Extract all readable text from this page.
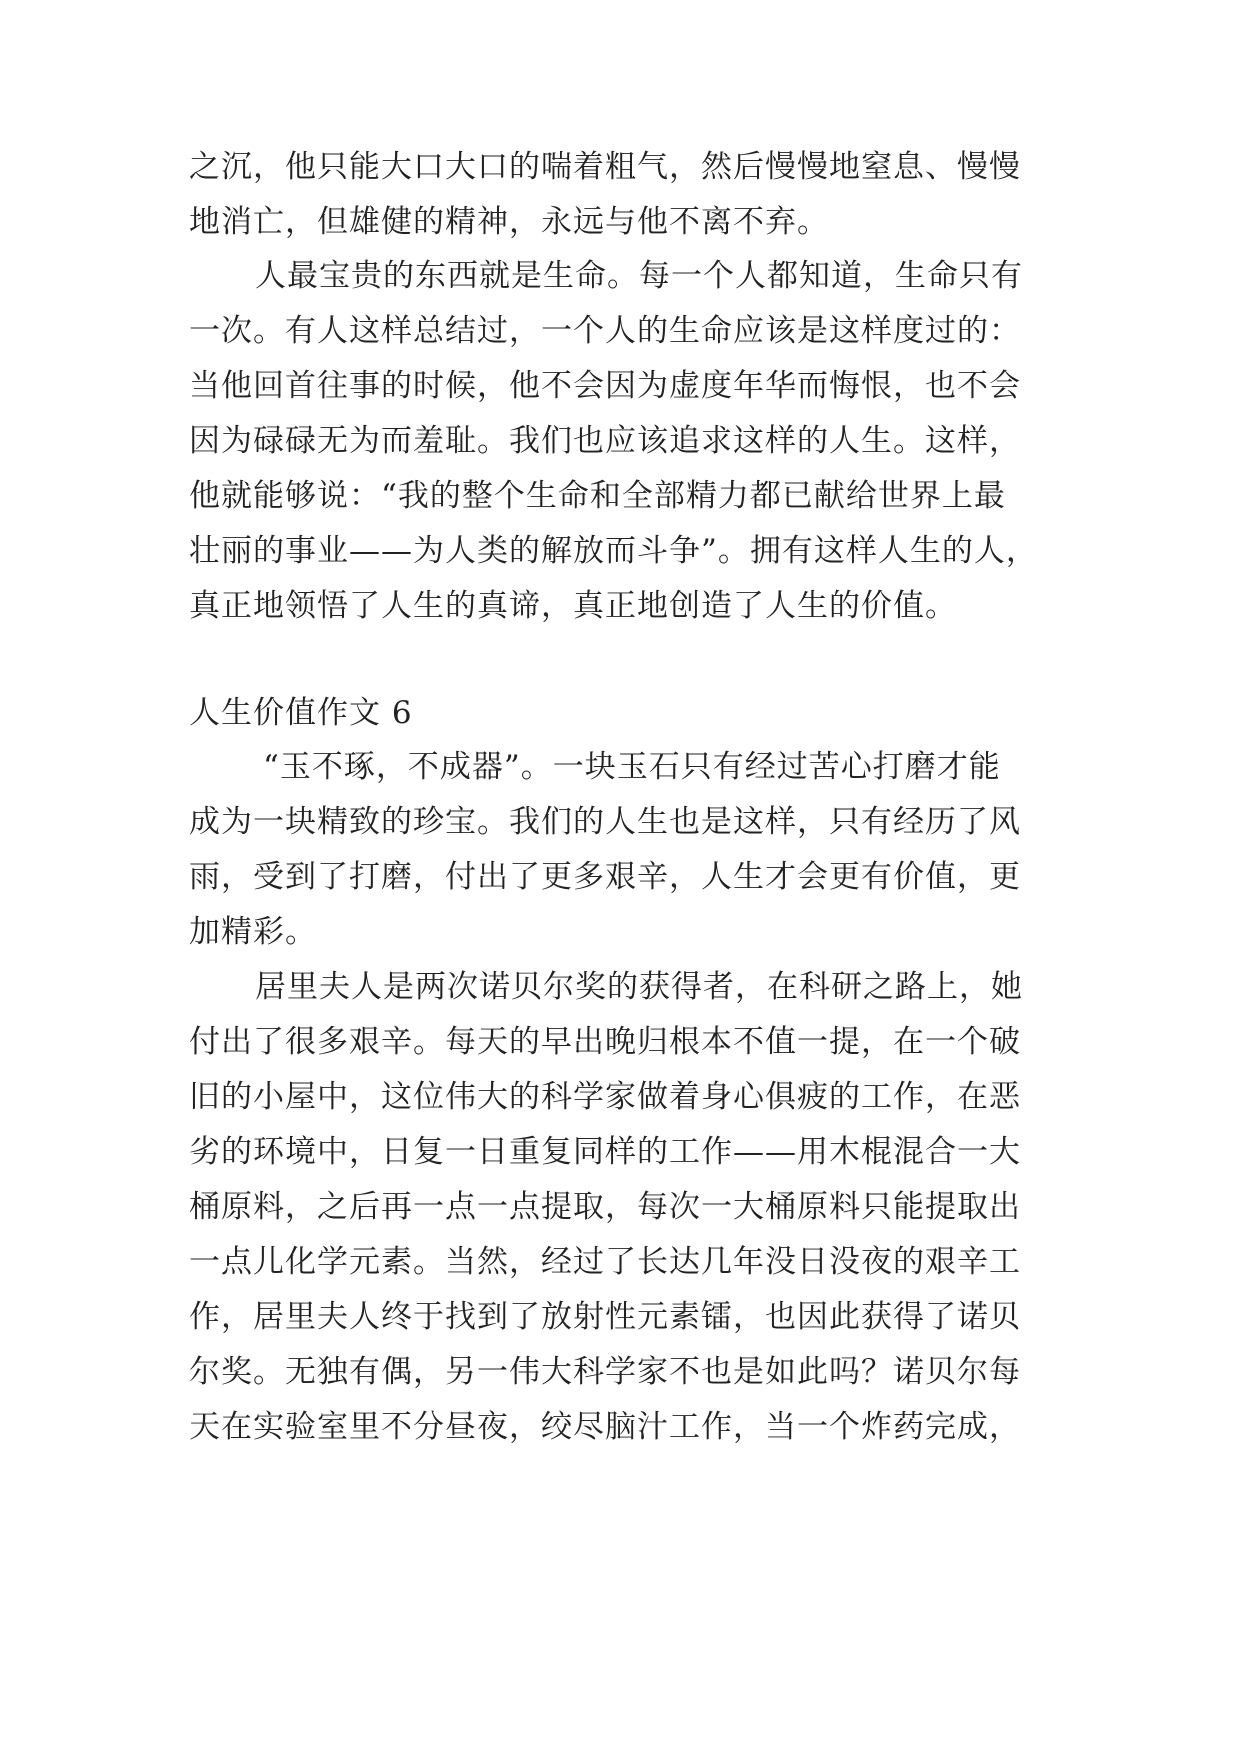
之沉，他只能大口大口的喘着粗气，然后慢慢地窒息、慢慢
地消亡，但雄健的精神，永远与他不离不弃。
人最宝贵的东西就是生命。每一个人都知道，生命只有
一次。有人这样总结过，一个人的生命应该是这样度过的：
当他回首往事的时候，他不会因为虚度年华而悔恨，也不会
因为碌碌无为而羞耻。我们也应该追求这样的人生。这样，
他就能够说：“我的整个生命和全部精力都已献给世界上最
壮丽的事业——为人类的解放而斗争”。拥有这样人生的人，
真正地领悟了人生的真谛，真正地创造了人生的价值。
人生价值作文 6
“玉不琢，不成器”。一块玉石只有经过苦心打磨才能
成为一块精致的珍宝。我们的人生也是这样，只有经历了风
雨，受到了打磨，付出了更多艰辛，人生才会更有价值，更
加精彩。
居里夫人是两次诺贝尔奖的获得者，在科研之路上，她
付出了很多艰辛。每天的早出晚归根本不值一提，在一个破
旧的小屋中，这位伟大的科学家做着身心俱疲的工作，在恶
劣的环境中，日复一日重复同样的工作——用木棍混合一大
桶原料，之后再一点一点提取，每次一大桶原料只能提取出
一点儿化学元素。当然，经过了长达几年没日没夜的艰辛工
作，居里夫人终于找到了放射性元素镭，也因此获得了诺贝
尔奖。无独有偶，另一伟大科学家不也是如此吗？诺贝尔每
天在实验室里不分昼夜，绞尽脑汁工作，当一个炸药完成，
